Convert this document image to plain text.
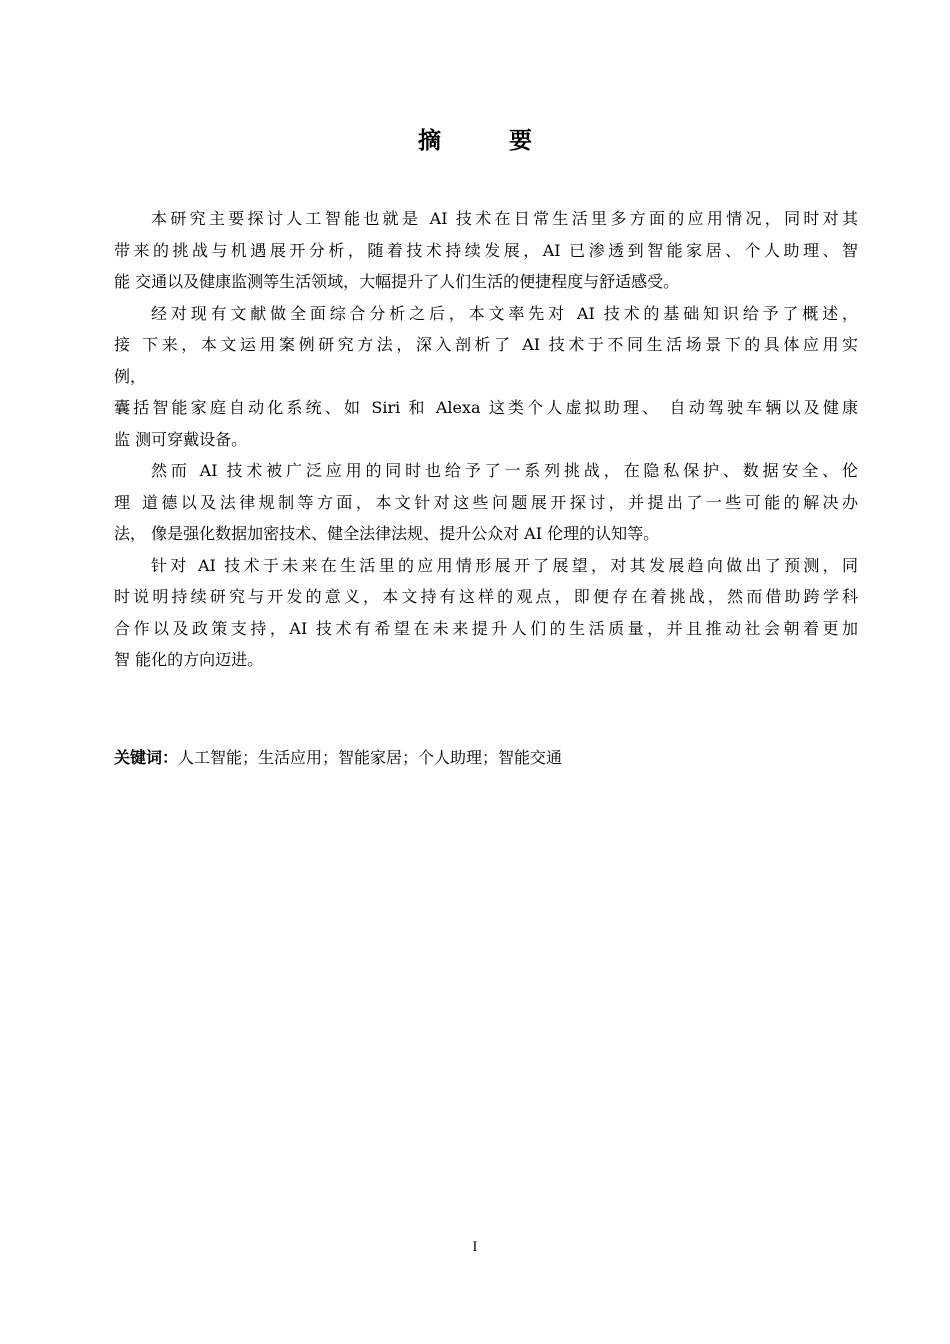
摘 要
本研究主要探讨人工智能也就是 AI 技术在日常生活里多方面的应用情况，同时对其
带来的挑战与机遇展开分析，随着技术持续发展，AI 已渗透到智能家居、个人助理、智
能 交通以及健康监测等生活领域，大幅提升了人们生活的便捷程度与舒适感受。
经对现有文献做全面综合分析之后，本文率先对 AI 技术的基础知识给予了概述，
接 下来，本文运用案例研究方法，深入剖析了 AI 技术于不同生活场景下的具体应用实
例，
囊括智能家庭自动化系统、如 Siri 和 Alexa 这类个人虚拟助理、 自动驾驶车辆以及健康
监 测可穿戴设备。
然而 AI 技术被广泛应用的同时也给予了一系列挑战，在隐私保护、数据安全、伦
理 道德以及法律规制等方面，本文针对这些问题展开探讨，并提出了一些可能的解决办
法， 像是强化数据加密技术、健全法律法规、提升公众对 AI 伦理的认知等。
针对 AI 技术于未来在生活里的应用情形展开了展望，对其发展趋向做出了预测，同
时说明持续研究与开发的意义，本文持有这样的观点，即便存在着挑战，然而借助跨学科
合作以及政策支持，AI 技术有希望在未来提升人们的生活质量，并且推动社会朝着更加
智 能化的方向迈进。
关键词：人工智能；生活应用；智能家居；个人助理；智能交通
I
